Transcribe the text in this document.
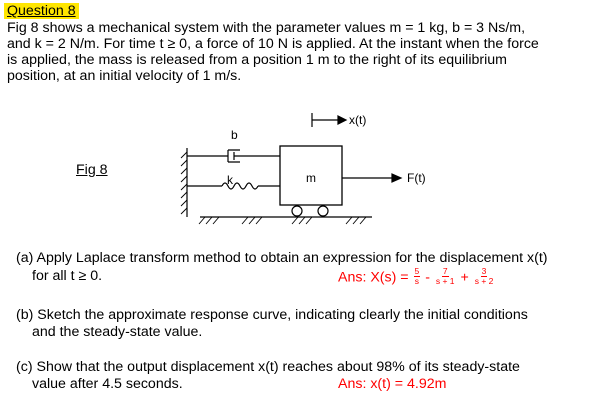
Question 8
Fig 8 shows a mechanical system with the parameter values m = 1 kg, b = 3 Ns/m,
and k = 2 N/m. For time t ≥ 0, a force of 10 N is applied. At the instant when the force
is applied, the mass is released from a position 1 m to the right of its equilibrium
position, at an initial velocity of 1 m/s.
Fig 8
b
k	m
x(t)
F(t)
(a) Apply Laplace transform method to obtain an expression for the displacement x(t)
for all t ≥ 0.	Ans: $X(s) = \frac{5}{s} - \frac{7}{s + 1} + \frac{3}{s + 2}$
(b) Sketch the approximate response curve, indicating clearly the initial conditions
and the steady-state value.
(c) Show that the output displacement x(t) reaches about 98% of its steady-state
value after 4.5 seconds.	Ans: x(t) = 4.92m
